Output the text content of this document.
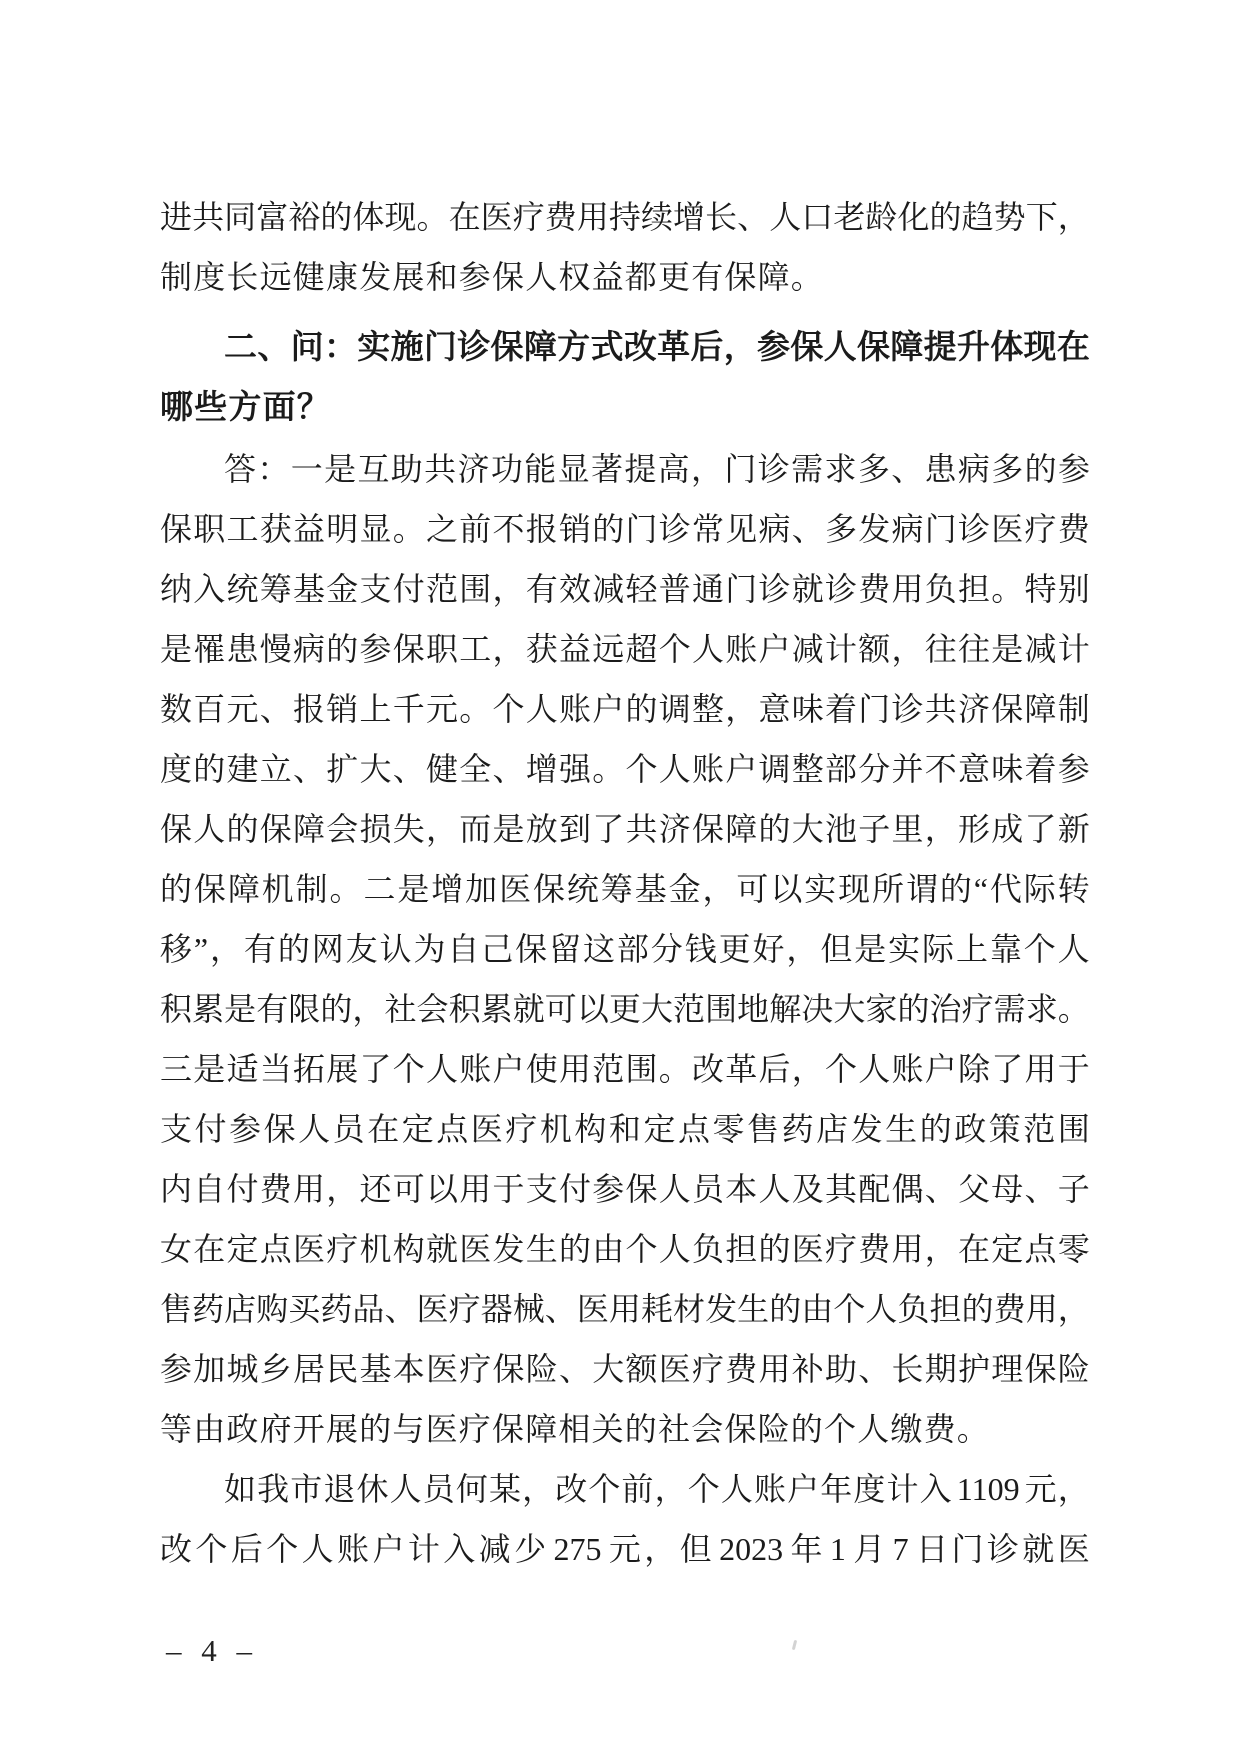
进 共 同 富 裕 的 体 现 。 在 医 疗 费 用 持 续 增 长 、 人 口 老 龄 化 的 趋 势 下 ，
制度长远健康发展和参保人权益都更有保障。
二 、 问 ： 实 施 门 诊 保 障 方 式 改 革 后 ， 参 保 人 保 障 提 升 体 现 在
哪些方面？
答 ： 一 是 互 助 共 济 功 能 显 著 提 高 ， 门 诊 需 求 多 、 患 病 多 的 参
保 职 工 获 益 明 显 。 之 前 不 报 销 的 门 诊 常 见 病 、 多 发 病 门 诊 医 疗 费
纳 入 统 筹 基 金 支 付 范 围 ， 有 效 减 轻 普 通 门 诊 就 诊 费 用 负 担 。 特 别
是 罹 患 慢 病 的 参 保 职 工 ， 获 益 远 超 个 人 账 户 减 计 额 ， 往 往 是 减 计
数 百 元 、 报 销 上 千 元 。 个 人 账 户 的 调 整 ， 意 味 着 门 诊 共 济 保 障 制
度 的 建 立 、 扩 大 、 健 全 、 增 强 。 个 人 账 户 调 整 部 分 并 不 意 味 着 参
保 人 的 保 障 会 损 失 ， 而 是 放 到 了 共 济 保 障 的 大 池 子 里 ， 形 成 了 新
的 保 障 机 制 。 二 是 增 加 医 保 统 筹 基 金 ， 可 以 实 现 所 谓 的 “ 代 际 转
移 ” ， 有 的 网 友 认 为 自 己 保 留 这 部 分 钱 更 好 ， 但 是 实 际 上 靠 个 人
积 累 是 有 限 的 ， 社 会 积 累 就 可 以 更 大 范 围 地 解 决 大 家 的 治 疗 需 求 。
三 是 适 当 拓 展 了 个 人 账 户 使 用 范 围 。 改 革 后 ， 个 人 账 户 除 了 用 于
支 付 参 保 人 员 在 定 点 医 疗 机 构 和 定 点 零 售 药 店 发 生 的 政 策 范 围
内 自 付 费 用 ， 还 可 以 用 于 支 付 参 保 人 员 本 人 及 其 配 偶 、 父 母 、 子
女 在 定 点 医 疗 机 构 就 医 发 生 的 由 个 人 负 担 的 医 疗 费 用 ， 在 定 点 零
售 药 店 购 买 药 品 、 医 疗 器 械 、 医 用 耗 材 发 生 的 由 个 人 负 担 的 费 用 ，
参 加 城 乡 居 民 基 本 医 疗 保 险 、 大 额 医 疗 费 用 补 助 、 长 期 护 理 保 险
等由政府开展的与医疗保障相关的社会保险的个人缴费。
如 我 市 退 休 人 员 何 某 ， 改 个 前 ， 个 人 账 户 年 度 计 入 1109 元 ，
改 个 后 个 人 账 户 计 入 减 少 275 元 ， 但 2023 年 1 月 7 日 门 诊 就 医
– 4 –
